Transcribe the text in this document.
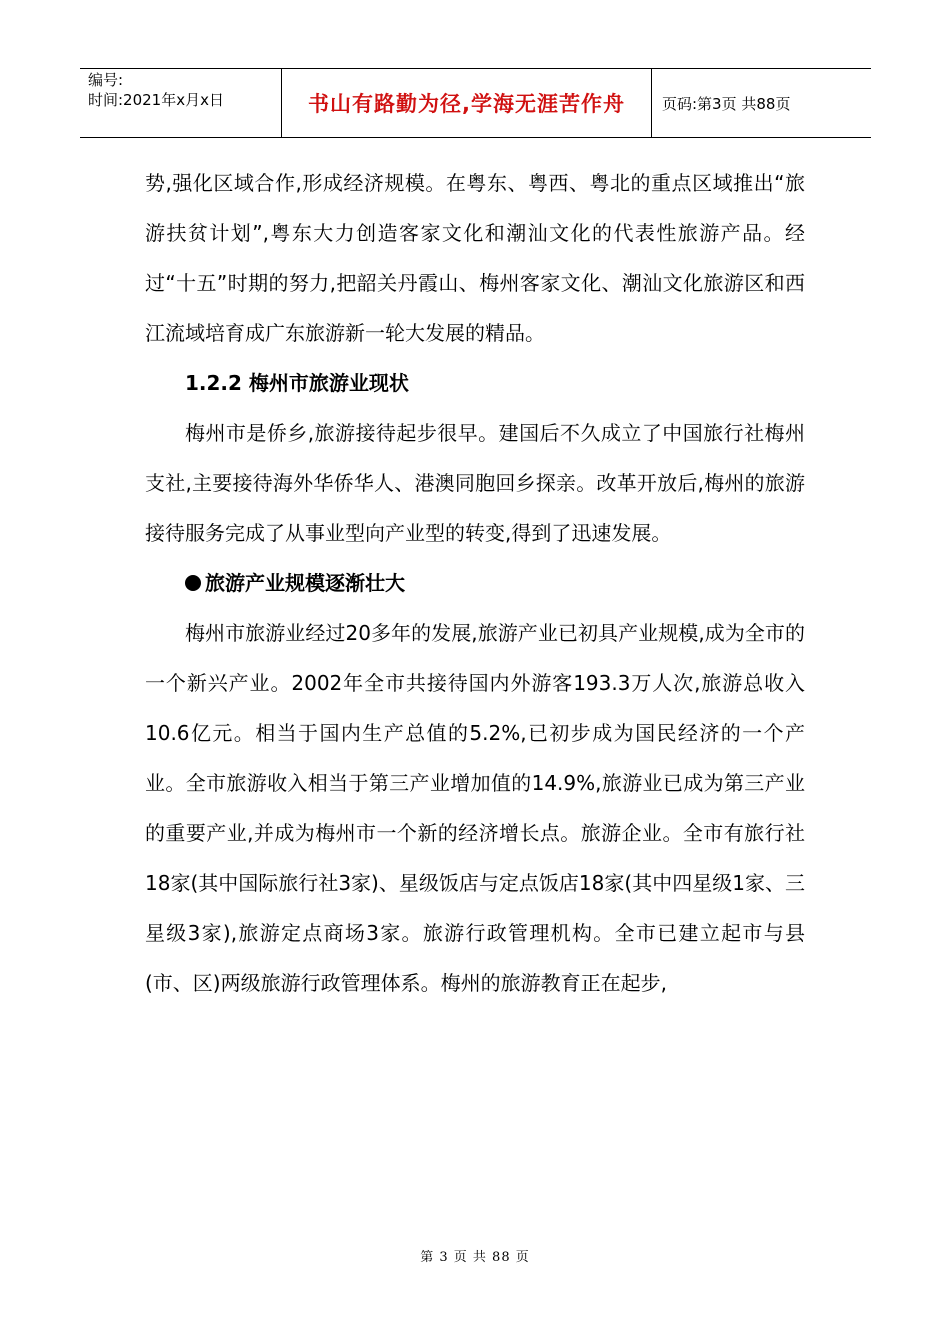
编号:
时间:2021年x月x日	书山有路勤为径,学海无涯苦作舟 页码:第3页 共88页

势,强化区域合作,形成经济规模。在粤东、粤西、粤北的重点区域推出“旅游扶贫计划”,粤东大力创造客家文化和潮汕文化的代表性旅游产品。经过“十五”时期的努力,把韶关丹霞山、梅州客家文化、潮汕文化旅游区和西江流域培育成广东旅游新一轮大发展的精品。

1.2.2 梅州市旅游业现状

梅州市是侨乡,旅游接待起步很早。建国后不久成立了中国旅行社梅州支社,主要接待海外华侨华人、港澳同胞回乡探亲。改革开放后,梅州的旅游接待服务完成了从事业型向产业型的转变,得到了迅速发展。

旅游产业规模逐渐壮大

梅州市旅游业经过20多年的发展,旅游产业已初具产业规模,成为全市的一个新兴产业。2002年全市共接待国内外游客193.3万人次,旅游总收入10.6亿元。相当于国内生产总值的5.2%,已初步成为国民经济的一个产业。全市旅游收入相当于第三产业增加值的14.9%,旅游业已成为第三产业的重要产业,并成为梅州市一个新的经济增长点。旅游企业。全市有旅行社18家(其中国际旅行社3家)、星级饭店与定点饭店18家(其中四星级1家、三星级3家),旅游定点商场3家。旅游行政管理机构。全市已建立起市与县(市、区)两级旅游行政管理体系。梅州的旅游教育正在起步,

第 3 页 共 88 页
